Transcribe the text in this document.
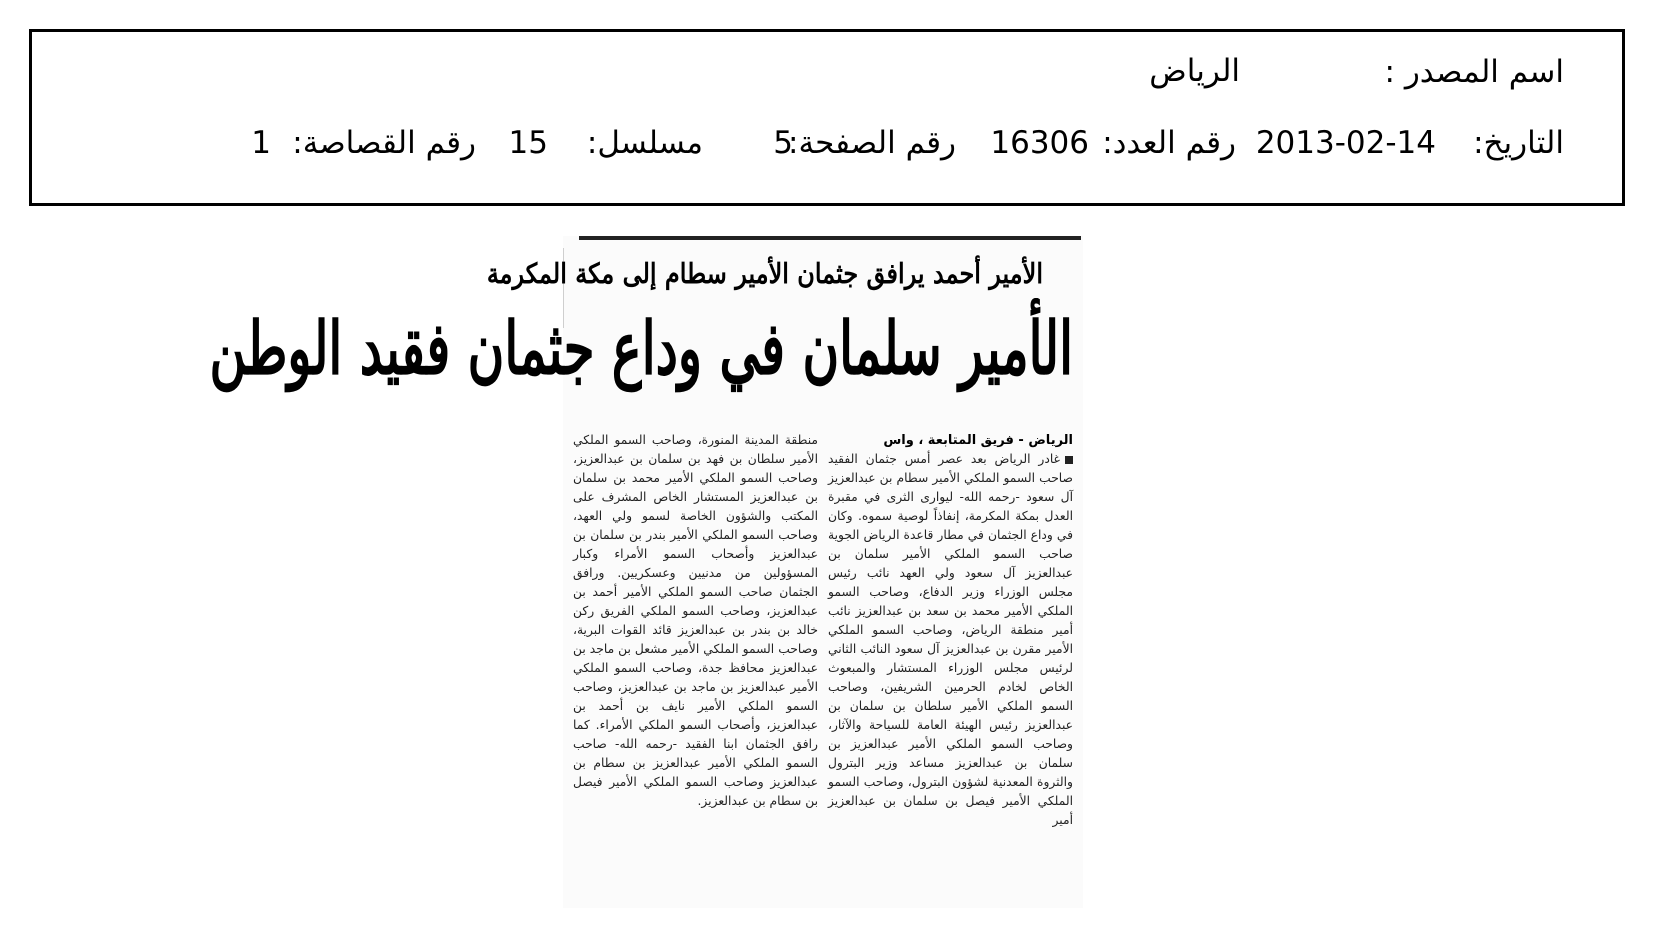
اسم المصدر :
الرياض
التاريخ:
2013-02-14
رقم العدد:
16306
رقم الصفحة:
5
مسلسل:
15
رقم القصاصة:
1
الأمير أحمد يرافق جثمان الأمير سطام إلى مكة المكرمة
الأمير سلمان في وداع جثمان فقيد الوطن

الرياض - فريق المتابعة ، واس

غادر الرياض بعد عصر أمس جثمان الفقيد صاحب السمو الملكي الأمير سطام بن عبدالعزيز آل سعود -رحمه الله- ليوارى الثرى في مقبرة العدل بمكة المكرمة، إنفاذاً لوصية سموه. وكان في وداع الجثمان في مطار قاعدة الرياض الجوية صاحب السمو الملكي الأمير سلمان بن عبدالعزيز آل سعود ولي العهد نائب رئيس مجلس الوزراء وزير الدفاع، وصاحب السمو الملكي الأمير محمد بن سعد بن عبدالعزيز نائب أمير منطقة الرياض، وصاحب السمو الملكي الأمير مقرن بن عبدالعزيز آل سعود النائب الثاني لرئيس مجلس الوزراء المستشار والمبعوث الخاص لخادم الحرمين الشريفين، وصاحب السمو الملكي الأمير سلطان بن سلمان بن عبدالعزيز رئيس الهيئة العامة للسياحة والآثار، وصاحب السمو الملكي الأمير عبدالعزيز بن سلمان بن عبدالعزيز مساعد وزير البترول والثروة المعدنية لشؤون البترول، وصاحب السمو الملكي الأمير فيصل بن سلمان بن عبدالعزيز أمير

منطقة المدينة المنورة، وصاحب السمو الملكي الأمير سلطان بن فهد بن سلمان بن عبدالعزيز، وصاحب السمو الملكي الأمير محمد بن سلمان بن عبدالعزيز المستشار الخاص المشرف على المكتب والشؤون الخاصة لسمو ولي العهد، وصاحب السمو الملكي الأمير بندر بن سلمان بن عبدالعزيز وأصحاب السمو الأمراء وكبار المسؤولين من مدنيين وعسكريين. ورافق الجثمان صاحب السمو الملكي الأمير أحمد بن عبدالعزيز، وصاحب السمو الملكي الفريق ركن خالد بن بندر بن عبدالعزيز قائد القوات البرية، وصاحب السمو الملكي الأمير مشعل بن ماجد بن عبدالعزيز محافظ جدة، وصاحب السمو الملكي الأمير عبدالعزيز بن ماجد بن عبدالعزيز، وصاحب السمو الملكي الأمير نايف بن أحمد بن عبدالعزيز، وأصحاب السمو الملكي الأمراء. كما رافق الجثمان ابنا الفقيد -رحمه الله- صاحب السمو الملكي الأمير عبدالعزيز بن سطام بن عبدالعزيز وصاحب السمو الملكي الأمير فيصل بن سطام بن عبدالعزيز.
